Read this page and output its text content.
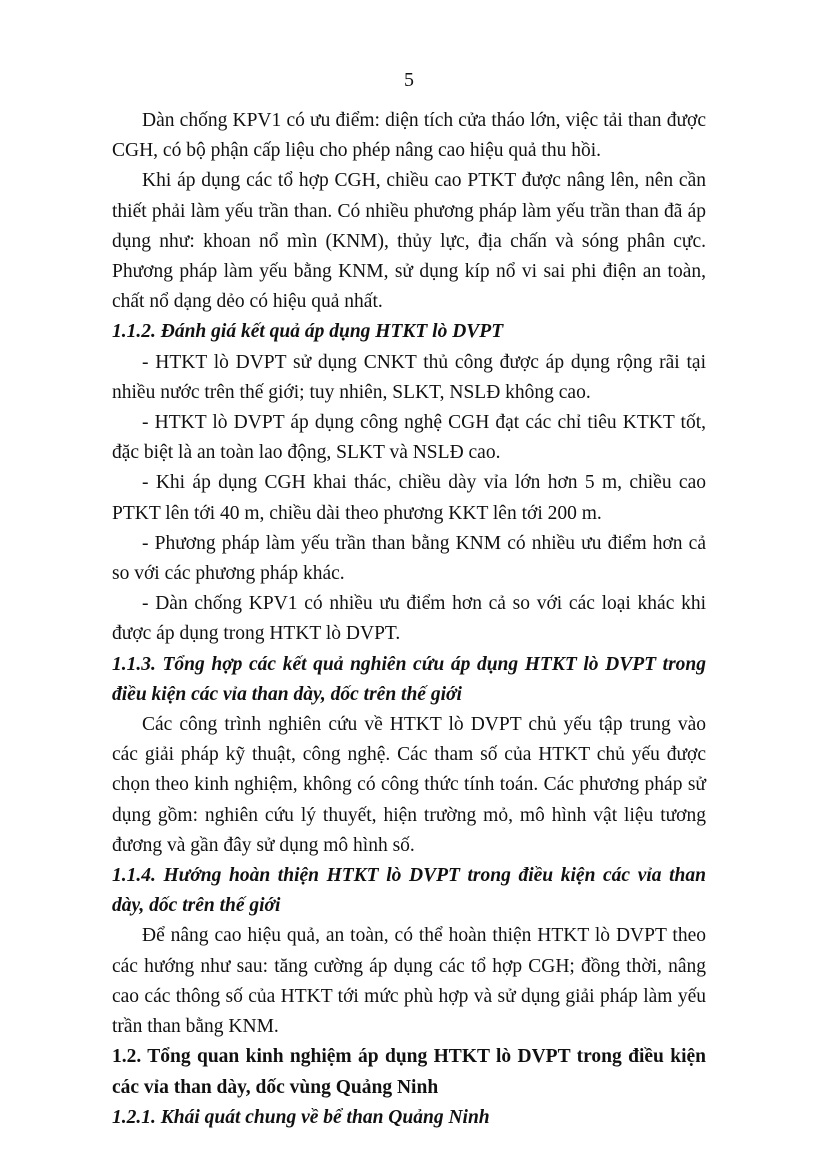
5

Dàn chống KPV1 có ưu điểm: diện tích cửa tháo lớn, việc tải than được CGH, có bộ phận cấp liệu cho phép nâng cao hiệu quả thu hồi.

Khi áp dụng các tổ hợp CGH, chiều cao PTKT được nâng lên, nên cần thiết phải làm yếu trần than. Có nhiều phương pháp làm yếu trần than đã áp dụng như: khoan nổ mìn (KNM), thủy lực, địa chấn và sóng phân cực. Phương pháp làm yếu bằng KNM, sử dụng kíp nổ vi sai phi điện an toàn, chất nổ dạng dẻo có hiệu quả nhất.

1.1.2. Đánh giá kết quả áp dụng HTKT lò DVPT

- HTKT lò DVPT sử dụng CNKT thủ công được áp dụng rộng rãi tại nhiều nước trên thế giới; tuy nhiên, SLKT, NSLĐ không cao.

- HTKT lò DVPT áp dụng công nghệ CGH đạt các chỉ tiêu KTKT tốt, đặc biệt là an toàn lao động, SLKT và NSLĐ cao.

- Khi áp dụng CGH khai thác, chiều dày vỉa lớn hơn 5 m, chiều cao PTKT lên tới 40 m, chiều dài theo phương KKT lên tới 200 m.

- Phương pháp làm yếu trần than bằng KNM có nhiều ưu điểm hơn cả so với các phương pháp khác.

- Dàn chống KPV1 có nhiều ưu điểm hơn cả so với các loại khác khi được áp dụng trong HTKT lò DVPT.

1.1.3. Tổng hợp các kết quả nghiên cứu áp dụng HTKT lò DVPT trong điều kiện các vỉa than dày, dốc trên thế giới

Các công trình nghiên cứu về HTKT lò DVPT chủ yếu tập trung vào các giải pháp kỹ thuật, công nghệ. Các tham số của HTKT chủ yếu được chọn theo kinh nghiệm, không có công thức tính toán. Các phương pháp sử dụng gồm: nghiên cứu lý thuyết, hiện trường mỏ, mô hình vật liệu tương đương và gần đây sử dụng mô hình số.

1.1.4. Hướng hoàn thiện HTKT lò DVPT trong điều kiện các vỉa than dày, dốc trên thế giới

Để nâng cao hiệu quả, an toàn, có thể hoàn thiện HTKT lò DVPT theo các hướng như sau: tăng cường áp dụng các tổ hợp CGH; đồng thời, nâng cao các thông số của HTKT tới mức phù hợp và sử dụng giải pháp làm yếu trần than bằng KNM.

1.2. Tổng quan kinh nghiệm áp dụng HTKT lò DVPT trong điều kiện các vỉa than dày, dốc vùng Quảng Ninh

1.2.1. Khái quát chung về bể than Quảng Ninh
